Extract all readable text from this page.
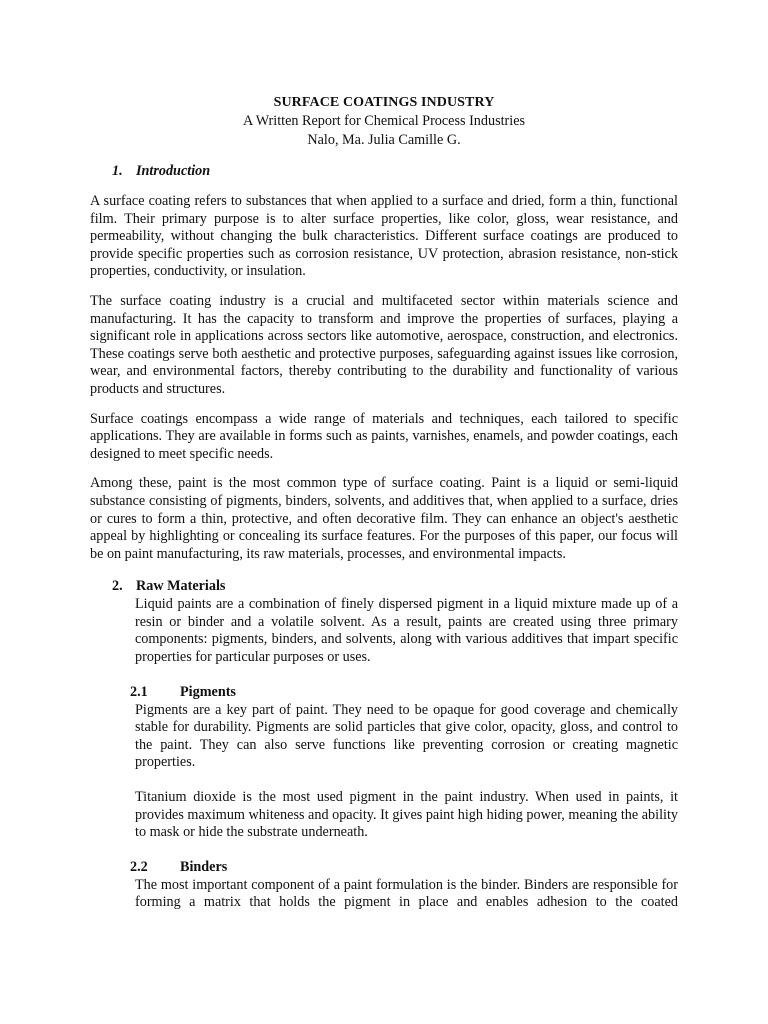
SURFACE COATINGS INDUSTRY
A Written Report for Chemical Process Industries
Nalo, Ma. Julia Camille G.
1. Introduction

A surface coating refers to substances that when applied to a surface and dried, form a thin, functional film. Their primary purpose is to alter surface properties, like color, gloss, wear resistance, and permeability, without changing the bulk characteristics. Different surface coatings are produced to provide specific properties such as corrosion resistance, UV protection, abrasion resistance, non-stick properties, conductivity, or insulation.

The surface coating industry is a crucial and multifaceted sector within materials science and manufacturing. It has the capacity to transform and improve the properties of surfaces, playing a significant role in applications across sectors like automotive, aerospace, construction, and electronics. These coatings serve both aesthetic and protective purposes, safeguarding against issues like corrosion, wear, and environmental factors, thereby contributing to the durability and functionality of various products and structures.

Surface coatings encompass a wide range of materials and techniques, each tailored to specific applications. They are available in forms such as paints, varnishes, enamels, and powder coatings, each designed to meet specific needs.

Among these, paint is the most common type of surface coating. Paint is a liquid or semi-liquid substance consisting of pigments, binders, solvents, and additives that, when applied to a surface, dries or cures to form a thin, protective, and often decorative film. They can enhance an object's aesthetic appeal by highlighting or concealing its surface features. For the purposes of this paper, our focus will be on paint manufacturing, its raw materials, processes, and environmental impacts.

2. Raw Materials

Liquid paints are a combination of finely dispersed pigment in a liquid mixture made up of a resin or binder and a volatile solvent. As a result, paints are created using three primary components: pigments, binders, and solvents, along with various additives that impart specific properties for particular purposes or uses.

2.1 Pigments

Pigments are a key part of paint. They need to be opaque for good coverage and chemically stable for durability. Pigments are solid particles that give color, opacity, gloss, and control to the paint. They can also serve functions like preventing corrosion or creating magnetic properties.

Titanium dioxide is the most used pigment in the paint industry. When used in paints, it provides maximum whiteness and opacity. It gives paint high hiding power, meaning the ability to mask or hide the substrate underneath.

2.2 Binders

The most important component of a paint formulation is the binder. Binders are responsible for forming a matrix that holds the pigment in place and enables adhesion to the coated
